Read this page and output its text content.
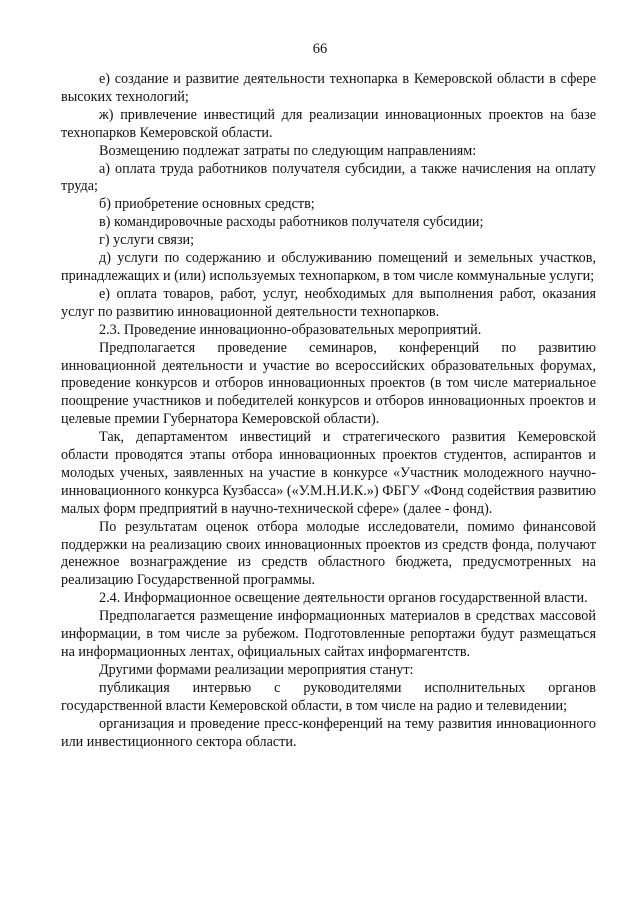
66

е) создание и развитие деятельности технопарка в Кемеровской области в сфере высоких технологий;

ж) привлечение инвестиций для реализации инновационных проектов на базе технопарков Кемеровской области.

Возмещению подлежат затраты по следующим направлениям:

а) оплата труда работников получателя субсидии, а также начисления на оплату труда;

б) приобретение основных средств;

в) командировочные расходы работников получателя субсидии;

г) услуги связи;

д) услуги по содержанию и обслуживанию помещений и земельных участков, принадлежащих и (или) используемых технопарком, в том числе коммунальные услуги;

е) оплата товаров, работ, услуг, необходимых для выполнения работ, оказания услуг по развитию инновационной деятельности технопарков.

2.3. Проведение инновационно-образовательных мероприятий.

Предполагается проведение семинаров, конференций по развитию инновационной деятельности и участие во всероссийских образовательных форумах, проведение конкурсов и отборов инновационных проектов (в том числе материальное поощрение участников и победителей конкурсов и отборов инновационных проектов и целевые премии Губернатора Кемеровской области).

Так, департаментом инвестиций и стратегического развития Кемеровской области проводятся этапы отбора инновационных проектов студентов, аспирантов и молодых ученых, заявленных на участие в конкурсе «Участник молодежного научно-инновационного конкурса Кузбасса» («У.М.Н.И.К.») ФБГУ «Фонд содействия развитию малых форм предприятий в научно-технической сфере» (далее - фонд).

По результатам оценок отбора молодые исследователи, помимо финансовой поддержки на реализацию своих инновационных проектов из средств фонда, получают денежное вознаграждение из средств областного бюджета, предусмотренных на реализацию Государственной программы.

2.4. Информационное освещение деятельности органов государственной власти.

Предполагается размещение информационных материалов в средствах массовой информации, в том числе за рубежом. Подготовленные репортажи будут размещаться на информационных лентах, официальных сайтах информагентств.

Другими формами реализации мероприятия станут:

публикация интервью с руководителями исполнительных органов государственной власти Кемеровской области, в том числе на радио и телевидении;

организация и проведение пресс-конференций на тему развития инновационного или инвестиционного сектора области.
